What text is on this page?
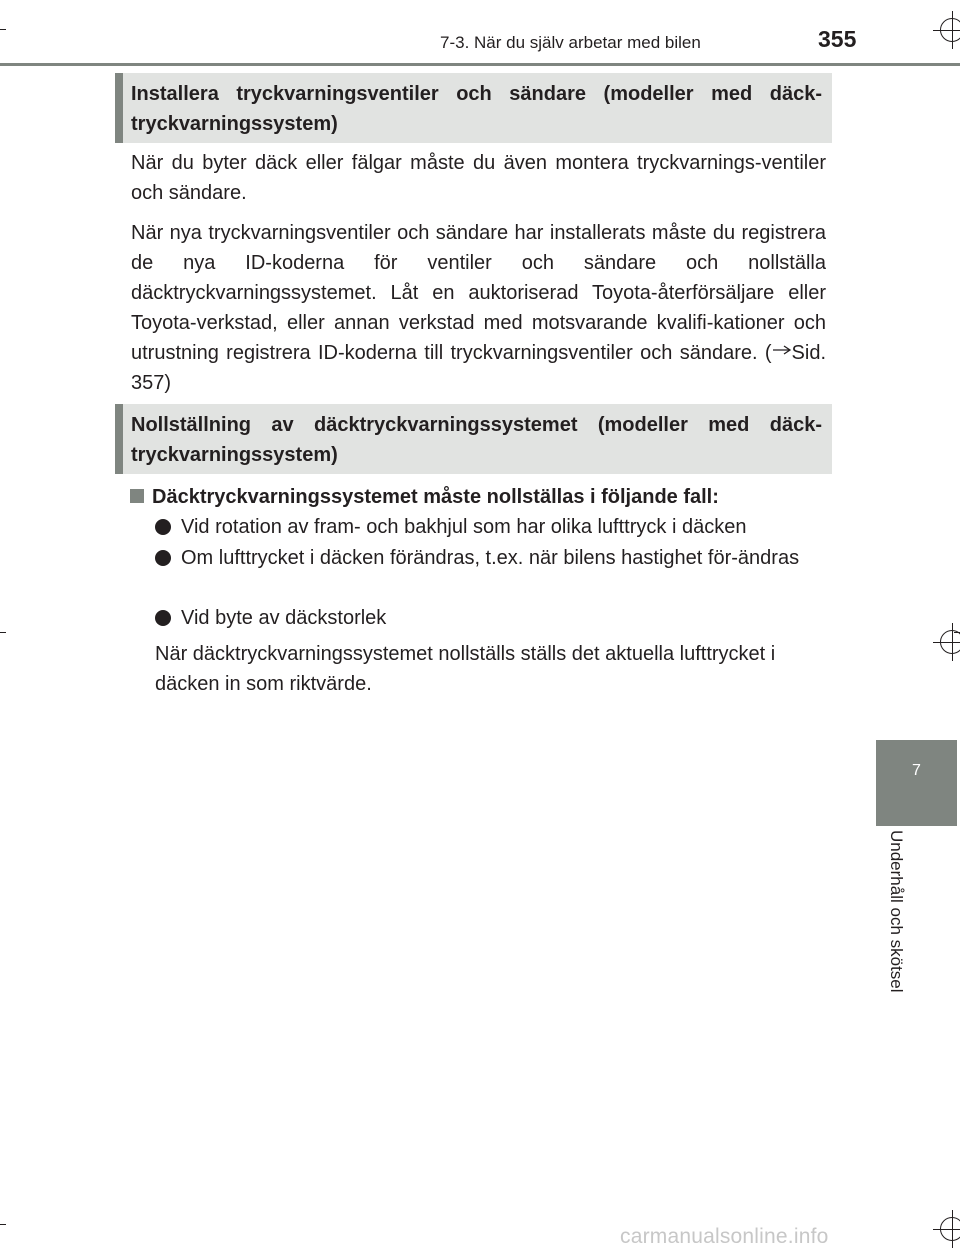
7-3. När du själv arbetar med bilen	355
Installera tryckvarningsventiler och sändare (modeller med däck-tryckvarningssystem)

När du byter däck eller fälgar måste du även montera tryckvarnings-ventiler och sändare.

När nya tryckvarningsventiler och sändare har installerats måste du registrera de nya ID-koderna för ventiler och sändare och nollställa däcktryckvarningssystemet. Låt en auktoriserad Toyota-återförsäljare eller Toyota-verkstad, eller annan verkstad med motsvarande kvalifi-kationer och utrustning registrera ID-koderna till tryckvarningsventiler och sändare. ( Sid. 357)

Nollställning av däcktryckvarningssystemet (modeller med däck-tryckvarningssystem)
Däcktryckvarningssystemet måste nollställas i följande fall:
Vid rotation av fram- och bakhjul som har olika lufttryck i däcken
Om lufttrycket i däcken förändras, t.ex. när bilens hastighet för-ändras
Vid byte av däckstorlek

När däcktryckvarningssystemet nollställs ställs det aktuella lufttrycket i däcken in som riktvärde.

7
Underhåll och skötsel
carmanualsonline.info
